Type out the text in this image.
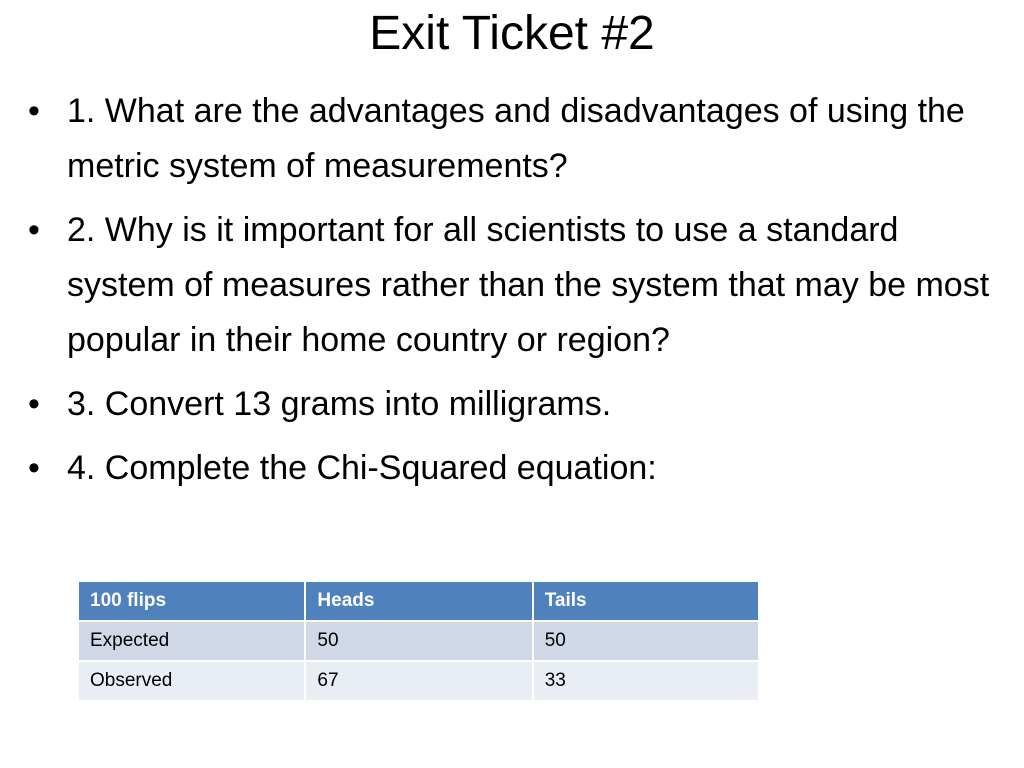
Exit Ticket #2
• 1. What are the advantages and disadvantages of using the metric system of measurements?
• 2. Why is it important for all scientists to use a standard system of measures rather than the system that may be most popular in their home country or region?
• 3. Convert 13 grams into milligrams.
• 4. Complete the Chi-Squared equation:
100 flips	Heads	Tails
Expected	50	50
Observed	67	33
